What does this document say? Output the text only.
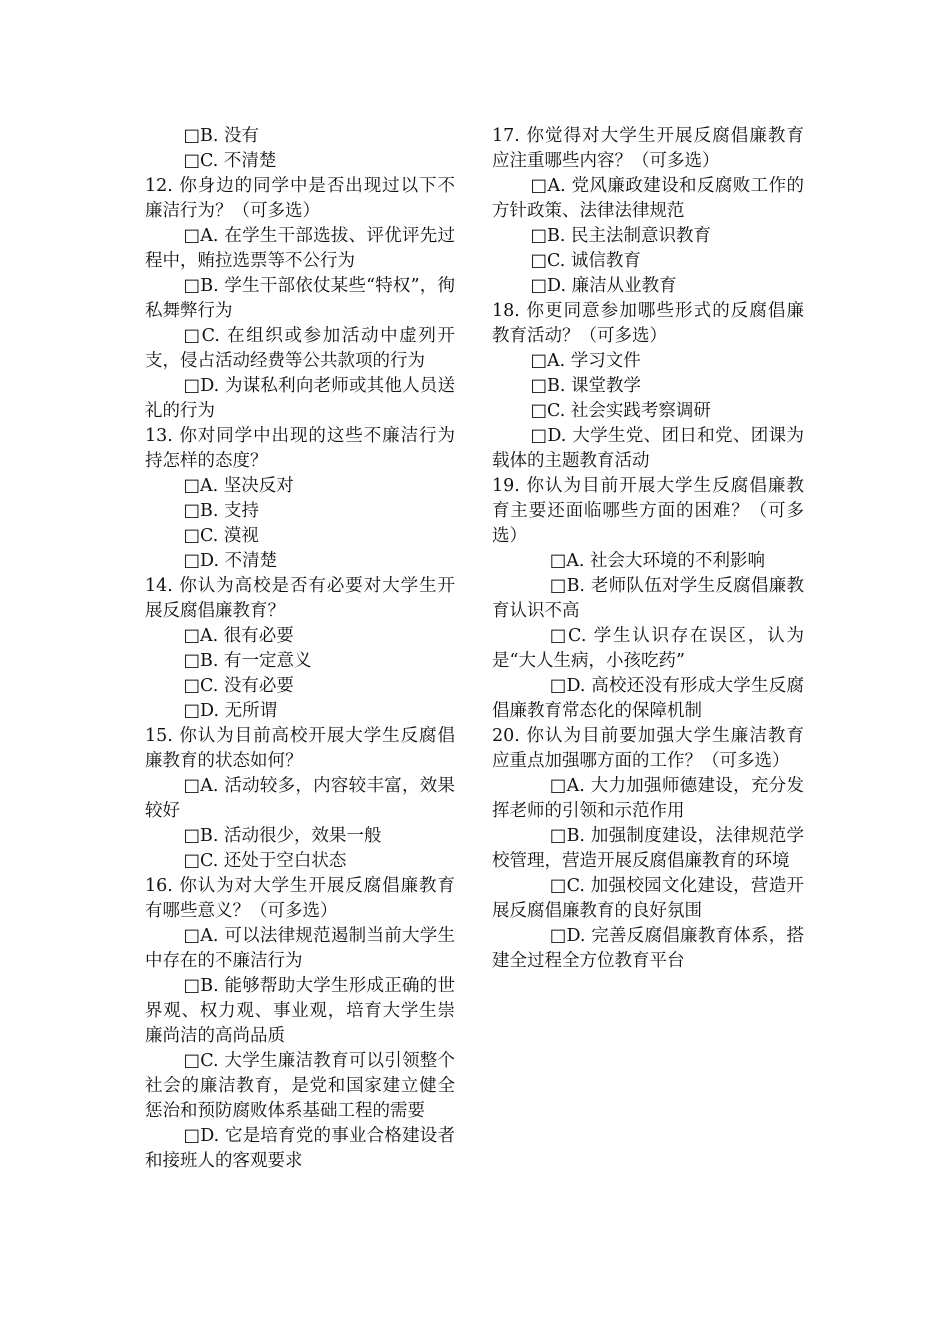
□B. 没有

□C. 不清楚

12. 你身边的同学中是否出现过以下不廉洁行为？（可多选）

□A. 在学生干部选拔、评优评先过程中，贿拉选票等不公行为

□B. 学生干部依仗某些“特权”，徇私舞弊行为

□C. 在组织或参加活动中虚列开支，侵占活动经费等公共款项的行为

□D. 为谋私利向老师或其他人员送礼的行为

13. 你对同学中出现的这些不廉洁行为持怎样的态度？

□A. 坚决反对

□B. 支持

□C. 漠视

□D. 不清楚

14. 你认为高校是否有必要对大学生开展反腐倡廉教育？

□A. 很有必要

□B. 有一定意义

□C. 没有必要

□D. 无所谓

15. 你认为目前高校开展大学生反腐倡廉教育的状态如何？

□A. 活动较多，内容较丰富，效果较好

□B. 活动很少，效果一般

□C. 还处于空白状态

16. 你认为对大学生开展反腐倡廉教育有哪些意义？（可多选）

□A. 可以法律规范遏制当前大学生中存在的不廉洁行为

□B. 能够帮助大学生形成正确的世界观、权力观、事业观，培育大学生崇廉尚洁的高尚品质

□C. 大学生廉洁教育可以引领整个社会的廉洁教育，是党和国家建立健全惩治和预防腐败体系基础工程的需要

□D. 它是培育党的事业合格建设者和接班人的客观要求

17. 你觉得对大学生开展反腐倡廉教育应注重哪些内容？（可多选）

□A. 党风廉政建设和反腐败工作的方针政策、法律法律规范

□B. 民主法制意识教育

□C. 诚信教育

□D. 廉洁从业教育

18. 你更同意参加哪些形式的反腐倡廉教育活动？（可多选）

□A. 学习文件

□B. 课堂教学

□C. 社会实践考察调研

□D. 大学生党、团日和党、团课为载体的主题教育活动

19. 你认为目前开展大学生反腐倡廉教育主要还面临哪些方面的困难？（可多选）

□A. 社会大环境的不利影响

□B. 老师队伍对学生反腐倡廉教育认识不高

□C. 学生认识存在误区，认为是“大人生病，小孩吃药”

□D. 高校还没有形成大学生反腐倡廉教育常态化的保障机制

20. 你认为目前要加强大学生廉洁教育应重点加强哪方面的工作？（可多选）

□A. 大力加强师德建设，充分发挥老师的引领和示范作用

□B. 加强制度建设，法律规范学校管理，营造开展反腐倡廉教育的环境

□C. 加强校园文化建设，营造开展反腐倡廉教育的良好氛围

□D. 完善反腐倡廉教育体系，搭建全过程全方位教育平台
